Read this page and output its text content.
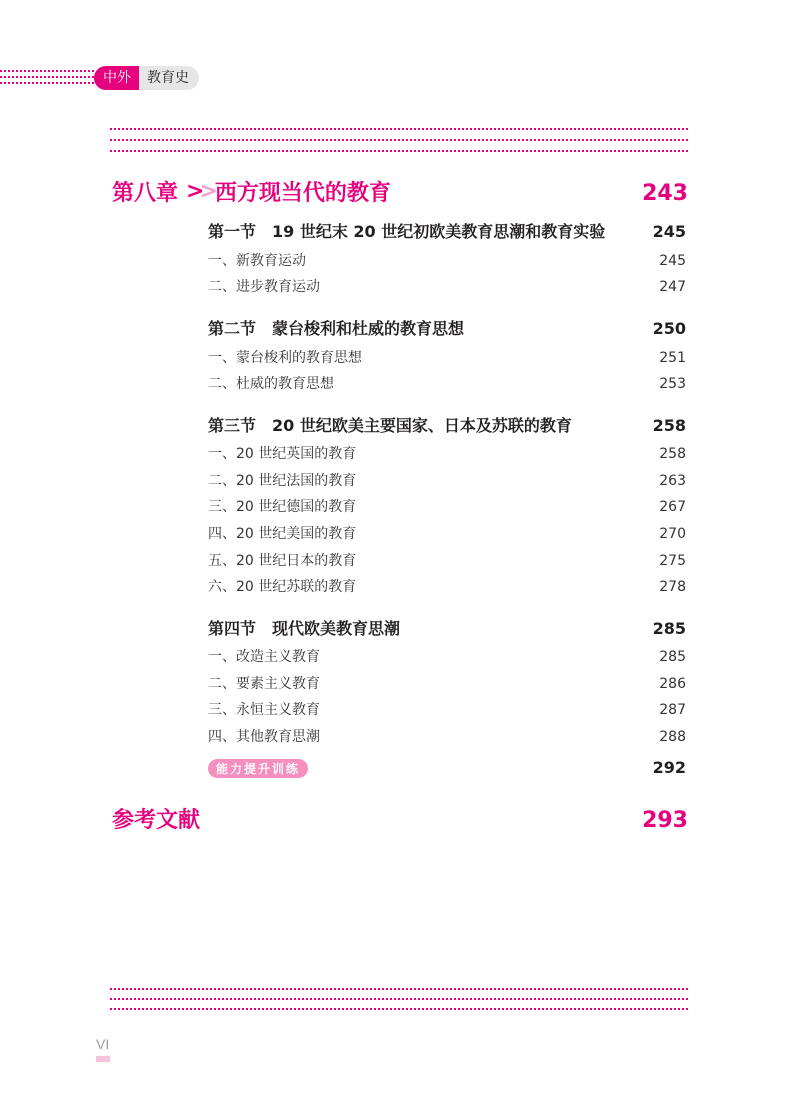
中外	教育史
第八章 > > 西方现当代的教育	243
第一节　19 世纪末 20 世纪初欧美教育思潮和教育实验	245
一、新教育运动	245
二、进步教育运动	247
第二节　蒙台梭利和杜威的教育思想	250
一、蒙台梭利的教育思想	251
二、杜威的教育思想	253
第三节　20 世纪欧美主要国家、日本及苏联的教育	258
一、20 世纪英国的教育	258
二、20 世纪法国的教育	263
三、20 世纪德国的教育	267
四、20 世纪美国的教育	270
五、20 世纪日本的教育	275
六、20 世纪苏联的教育	278
第四节　现代欧美教育思潮	285
一、改造主义教育	285
二、要素主义教育	286
三、永恒主义教育	287
四、其他教育思潮	288
能力提升训练	292
参考文献	293
VI
